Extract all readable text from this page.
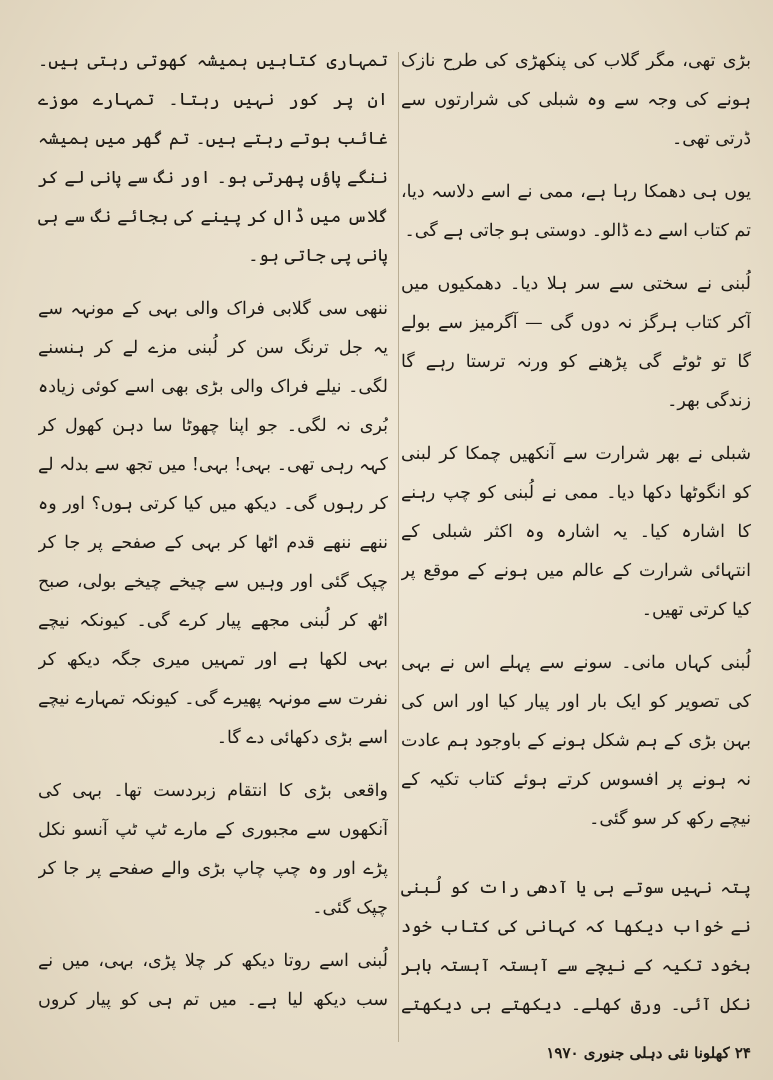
بڑی تھی، مگر گلاب کی پنکھڑی کی طرح نازک ہونے کی وجہ سے وہ شبلی کی شرارتوں سے ڈرتی تھی۔

یوں ہی دھمکا رہا ہے، ممی نے اسے دلاسہ دیا، تم کتاب اسے دے ڈالو۔ دوستی ہو جاتی ہے گی۔

لُبنی نے سختی سے سر ہلا دیا۔ دھمکیوں میں آکر کتاب ہرگز نہ دوں گی — آگرمیز سے بولے گا تو ٹوٹے گی پڑھنے کو ورنہ ترستا رہے گا زندگی بھر۔

شبلی نے بھر شرارت سے آنکھیں چمکا کر لبنی کو انگوٹھا دکھا دیا۔ ممی نے لُبنی کو چپ رہنے کا اشارہ کیا۔ یہ اشارہ وہ اکثر شبلی کے انتہائی شرارت کے عالم میں ہونے کے موقع پر کیا کرتی تھیں۔

لُبنی کہاں مانی۔ سونے سے پہلے اس نے بہی کی تصویر کو ایک بار اور پیار کیا اور اس کی بہن بڑی کے ہم شکل ہونے کے باوجود ہم عادت نہ ہونے پر افسوس کرتے ہوئے کتاب تکیہ کے نیچے رکھ کر سو گئی۔

پتہ نہیں سوتے ہی یا آدھی رات کو لُبنی نے خواب دیکھا کہ کہانی کی کتاب خود بخود تکیہ کے نیچے سے آہستہ آہستہ باہر نکل آئی۔ ورق کھلے۔ دیکھتے ہی دیکھتے

تمہاری کتابیں ہمیشہ کھوتی رہتی ہیں۔ ان پر کور نہیں رہتا۔ تمہارے موزے غائب ہوتے رہتے ہیں۔ تم گھر میں ہمیشہ ننگے پاؤں پھرتی ہو۔ اور نگ سے پانی لے کر گلاس میں ڈال کر پینے کی بجائے نگ سے ہی پانی پی جاتی ہو۔

ننھی سی گلابی فراک والی بہی کے مونہہ سے یہ جل ترنگ سن کر لُبنی مزے لے کر ہنسنے لگی۔ نیلے فراک والی بڑی بھی اسے کوئی زیادہ بُری نہ لگی۔ جو اپنا چھوٹا سا دہن کھول کر کہہ رہی تھی۔ بہی! بہی! میں تجھ سے بدلہ لے کر رہوں گی۔ دیکھ میں کیا کرتی ہوں؟ اور وہ ننھے ننھے قدم اٹھا کر بہی کے صفحے پر جا کر چپک گئی اور وہیں سے چیخے چیخے بولی، صبح اٹھ کر لُبنی مجھے پیار کرے گی۔ کیونکہ نیچے بہی لکھا ہے اور تمہیں میری جگہ دیکھ کر نفرت سے مونہہ پھیرے گی۔ کیونکہ تمہارے نیچے اسے بڑی دکھائی دے گا۔

واقعی بڑی کا انتقام زبردست تھا۔ بہی کی آنکھوں سے مجبوری کے مارے ٹپ ٹپ آنسو نکل پڑے اور وہ چپ چاپ بڑی والے صفحے پر جا کر چپک گئی۔

لُبنی اسے روتا دیکھ کر چلا پڑی، بہی، میں نے سب دیکھ لیا ہے۔ میں تم ہی کو پیار کروں

۲۴ کھلونا نئی دہلی جنوری ۱۹۷۰
